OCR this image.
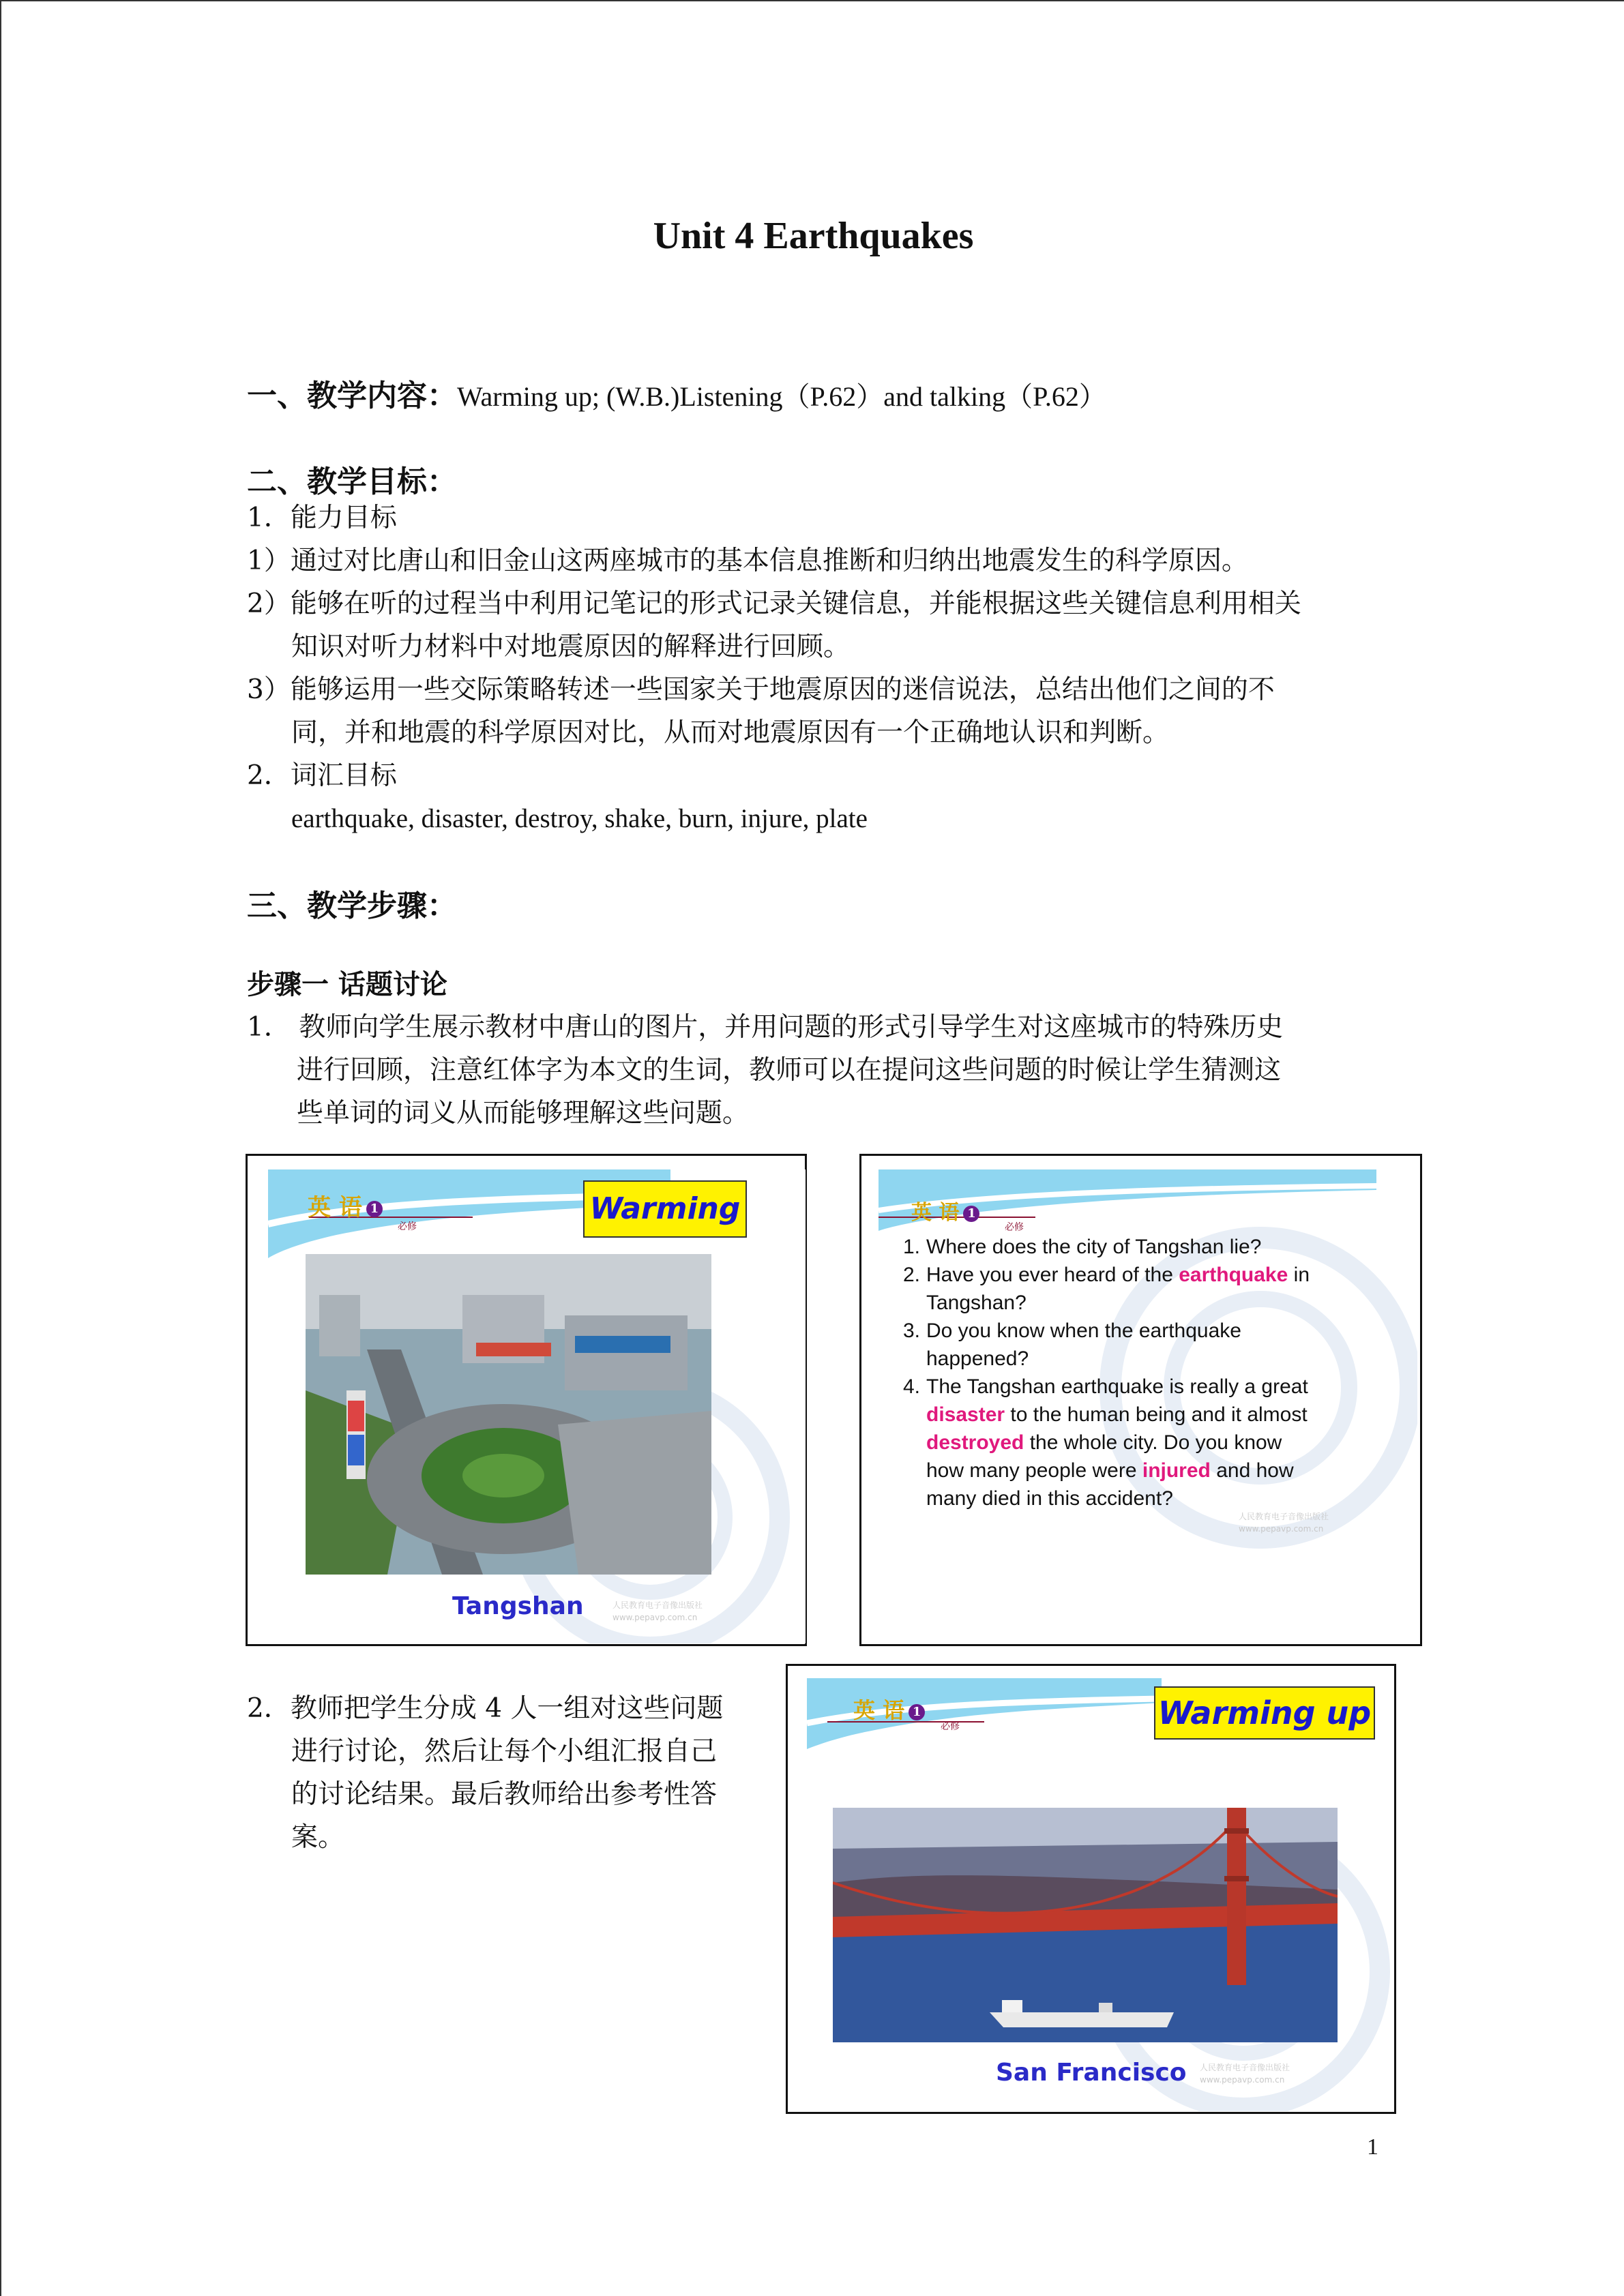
Unit 4 Earthquakes
一、教学内容：Warming up; (W.B.)Listening（P.62）and talking（P.62）
二、教学目标：
1．能力目标
1）通过对比唐山和旧金山这两座城市的基本信息推断和归纳出地震发生的科学原因。
2）能够在听的过程当中利用记笔记的形式记录关键信息，并能根据这些关键信息利用相关
知识对听力材料中对地震原因的解释进行回顾。
3）能够运用一些交际策略转述一些国家关于地震原因的迷信说法，总结出他们之间的不
同，并和地震的科学原因对比，从而对地震原因有一个正确地认识和判断。
2．词汇目标
earthquake, disaster, destroy, shake, burn, injure, plate
三、教学步骤：
步骤一 话题讨论
1． 教师向学生展示教材中唐山的图片，并用问题的形式引导学生对这座城市的特殊历史
进行回顾，注意红体字为本文的生词，教师可以在提问这些问题的时候让学生猜测这
些单词的词义从而能够理解这些问题。
英 语 1
必修
Warming
Tangshan	人民教育电子音像出版社
www.pepavp.com.cn
英 语 1
必修
1. Where does the city of Tangshan lie?
2. Have you ever heard of the earthquake in
Tangshan?
3. Do you know when the earthquake
happened?
4. The Tangshan earthquake is really a great
disaster to the human being and it almost
destroyed the whole city. Do you know
how many people were injured and how
many died in this accident?
人民教育电子音像出版社
www.pepavp.com.cn
2．教师把学生分成 4 人一组对这些问题
进行讨论，然后让每个小组汇报自己
的讨论结果。最后教师给出参考性答
案。
英 语 1
必修	Warming up
San Francisco 人民教育电子音像出版社
www.pepavp.com.cn
1
